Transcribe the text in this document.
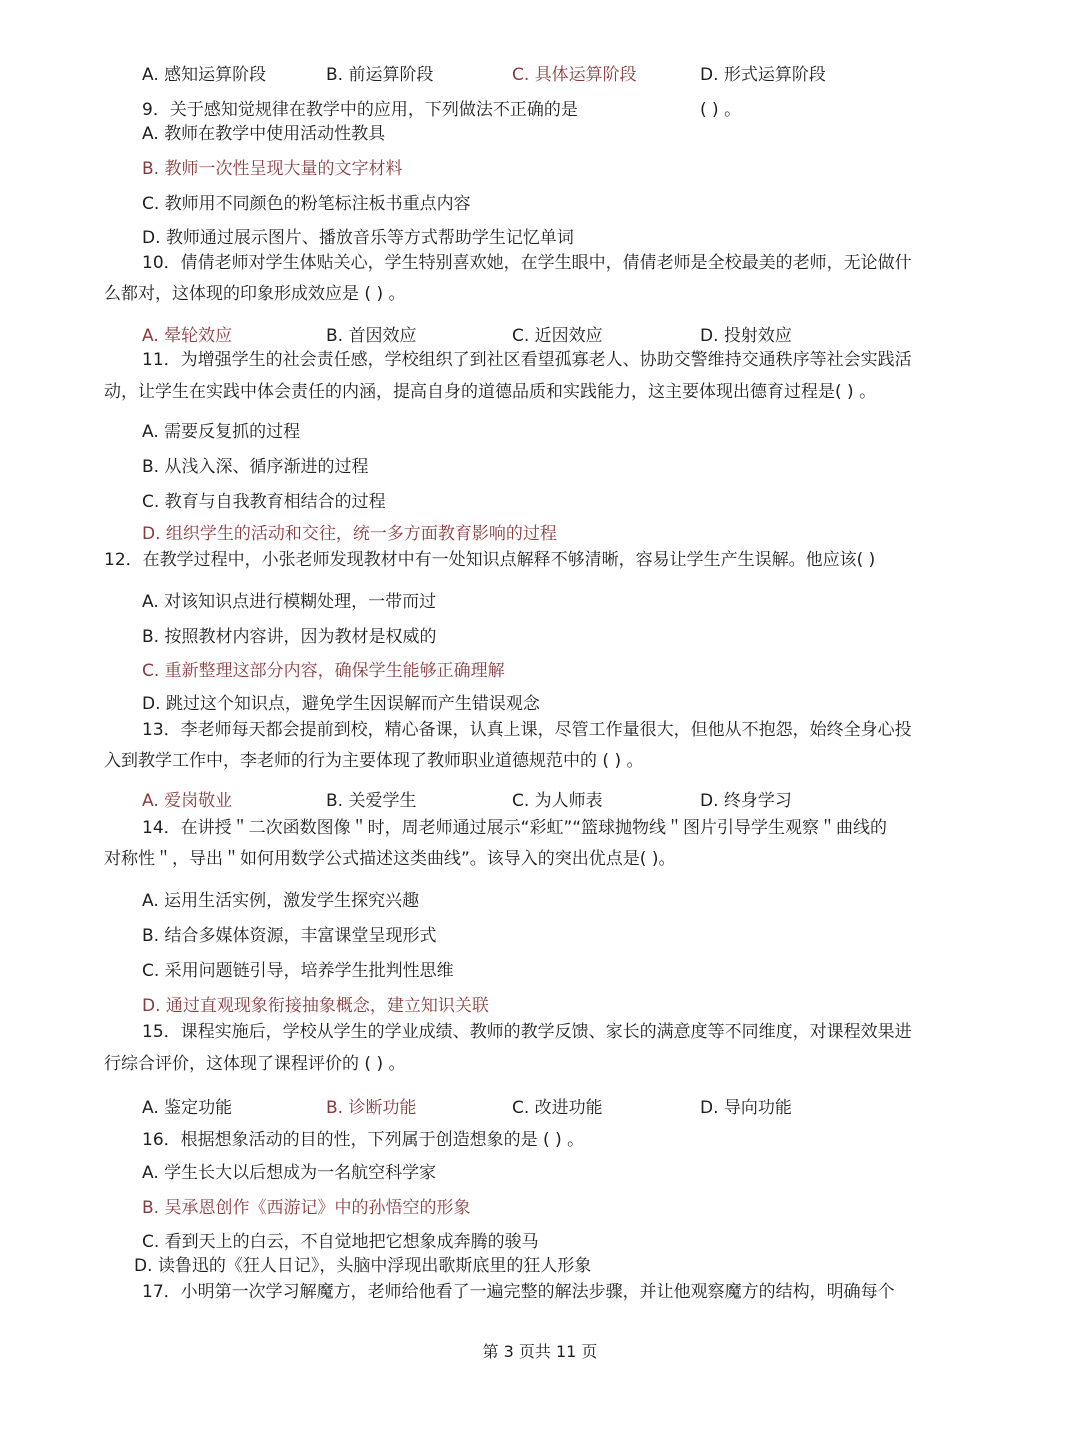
A. 感知运算阶段	B. 前运算阶段	C. 具体运算阶段	D. 形式运算阶段
9．关于感知觉规律在教学中的应用，下列做法不正确的是	( ) 。
A. 教师在教学中使用活动性教具
B. 教师一次性呈现大量的文字材料
C. 教师用不同颜色的粉笔标注板书重点内容
D. 教师通过展示图片、播放音乐等方式帮助学生记忆单词
10．倩倩老师对学生体贴关心，学生特别喜欢她，在学生眼中，倩倩老师是全校最美的老师，无论做什
么都对，这体现的印象形成效应是 ( ) 。
A. 晕轮效应	B. 首因效应	C. 近因效应	D. 投射效应
11．为增强学生的社会责任感，学校组织了到社区看望孤寡老人、协助交警维持交通秩序等社会实践活
动，让学生在实践中体会责任的内涵，提高自身的道德品质和实践能力，这主要体现出德育过程是( ) 。
A. 需要反复抓的过程
B. 从浅入深、循序渐进的过程
C. 教育与自我教育相结合的过程
D. 组织学生的活动和交往，统一多方面教育影响的过程
12．在教学过程中，小张老师发现教材中有一处知识点解释不够清晰，容易让学生产生误解。他应该( )
A. 对该知识点进行模糊处理，一带而过
B. 按照教材内容讲，因为教材是权威的
C. 重新整理这部分内容，确保学生能够正确理解
D. 跳过这个知识点，避免学生因误解而产生错误观念
13．李老师每天都会提前到校，精心备课，认真上课，尽管工作量很大，但他从不抱怨，始终全身心投
入到教学工作中，李老师的行为主要体现了教师职业道德规范中的 ( ) 。
A. 爱岗敬业	B. 关爱学生	C. 为人师表	D. 终身学习
14．在讲授＂二次函数图像＂时，周老师通过展示“彩虹”“篮球抛物线＂图片引导学生观察＂曲线的
对称性＂，导出＂如何用数学公式描述这类曲线”。该导入的突出优点是( )。
A. 运用生活实例，激发学生探究兴趣
B. 结合多媒体资源，丰富课堂呈现形式
C. 采用问题链引导，培养学生批判性思维
D. 通过直观现象衔接抽象概念，建立知识关联
15．课程实施后，学校从学生的学业成绩、教师的教学反馈、家长的满意度等不同维度，对课程效果进
行综合评价，这体现了课程评价的 ( ) 。
A. 鉴定功能	B. 诊断功能	C. 改进功能	D. 导向功能
16．根据想象活动的目的性，下列属于创造想象的是 ( ) 。
A. 学生长大以后想成为一名航空科学家
B. 吴承恩创作《西游记》中的孙悟空的形象
C. 看到天上的白云，不自觉地把它想象成奔腾的骏马
D. 读鲁迅的《狂人日记》，头脑中浮现出歌斯底里的狂人形象
17．小明第一次学习解魔方，老师给他看了一遍完整的解法步骤，并让他观察魔方的结构，明确每个
第 3 页共 11 页
